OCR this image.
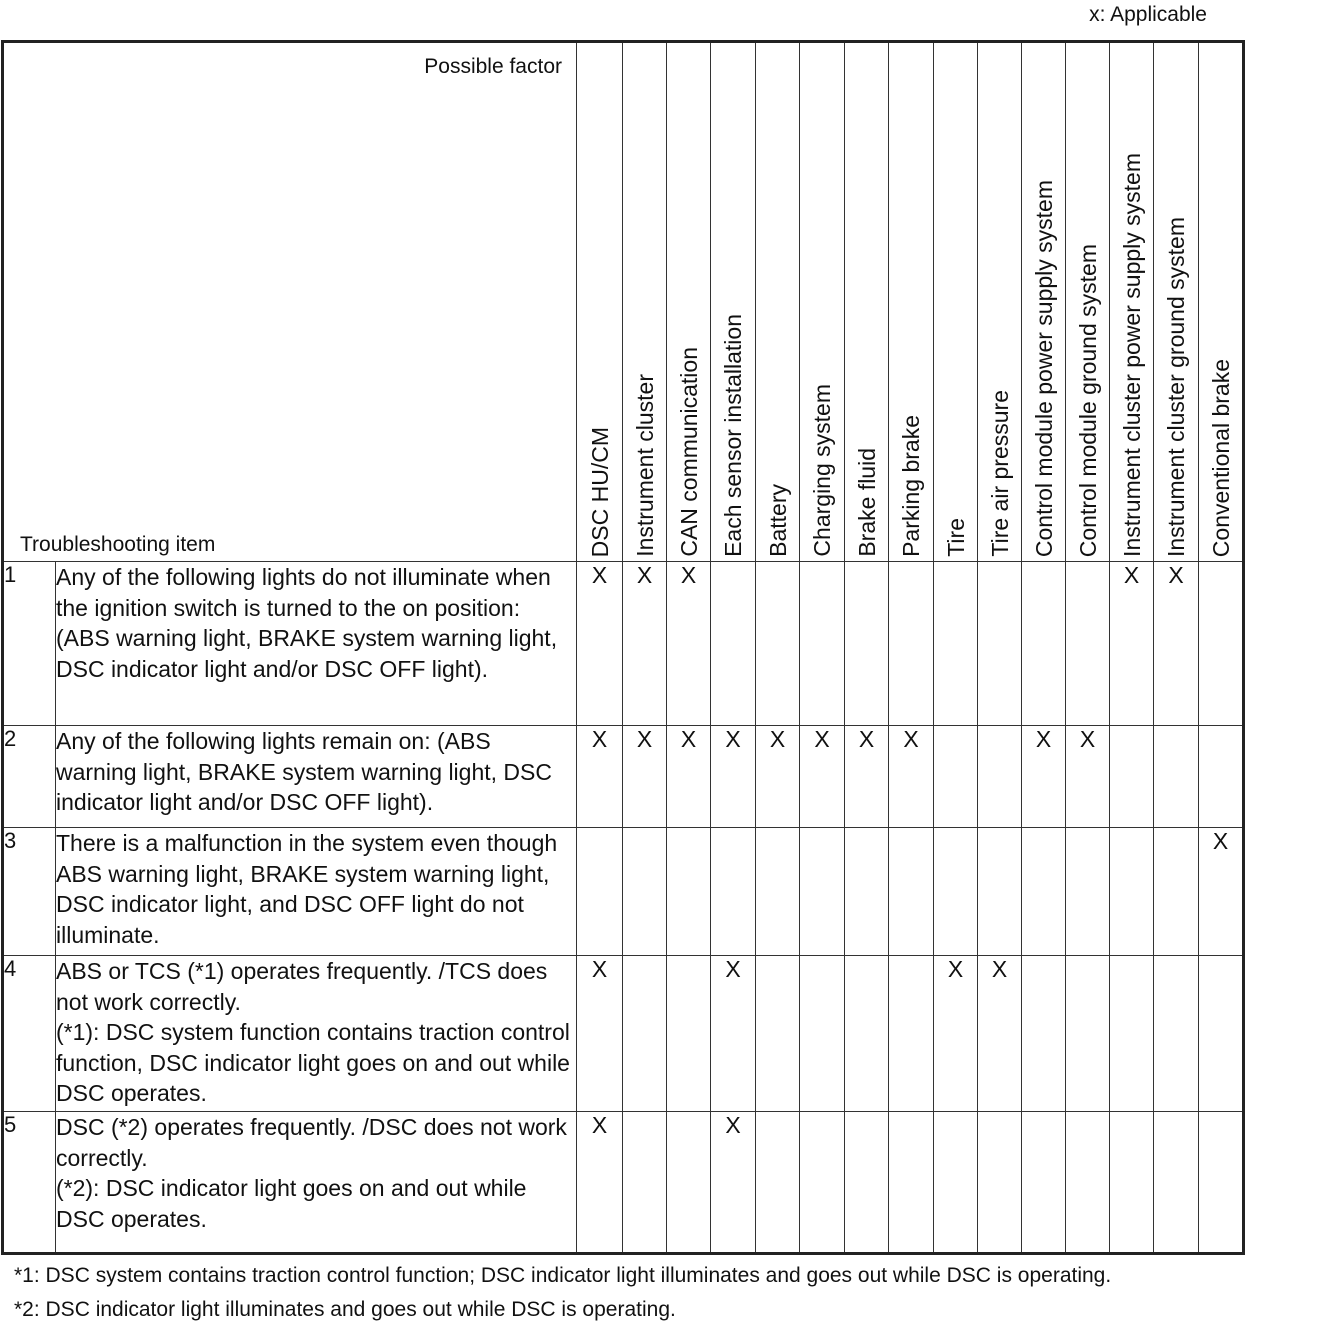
x: Applicable
Possible factor
Troubleshooting item		DSC HU/CM	Instrument cluster	CAN communication	Each sensor installation	Battery	Charging system	Brake fluid	Parking brake	Tire	Tire air pressure	Control module power supply system	Control module ground system	Instrument cluster power supply system	Instrument cluster ground system	Conventional brake

1	Any of the following lights do not illuminate when the ignition switch is turned to the on position: (ABS warning light, BRAKE system warning light, DSC indicator light and/or DSC OFF light).	X	X	X										X	X	
2	Any of the following lights remain on: (ABS warning light, BRAKE system warning light, DSC indicator light and/or DSC OFF light).	X	X	X	X	X	X	X	X			X	X			
3	There is a malfunction in the system even though ABS warning light, BRAKE system warning light, DSC indicator light, and DSC OFF light do not illuminate.															X
4	ABS or TCS (*1) operates frequently. /TCS does not work correctly.
(*1): DSC system function contains traction control function, DSC indicator light goes on and out while DSC operates.	X			X					X	X					
5	DSC (*2) operates frequently. /DSC does not work correctly.
(*2): DSC indicator light goes on and out while DSC operates.	X			X											
*1: DSC system contains traction control function; DSC indicator light illuminates and goes out while DSC is operating.
*2: DSC indicator light illuminates and goes out while DSC is operating.
